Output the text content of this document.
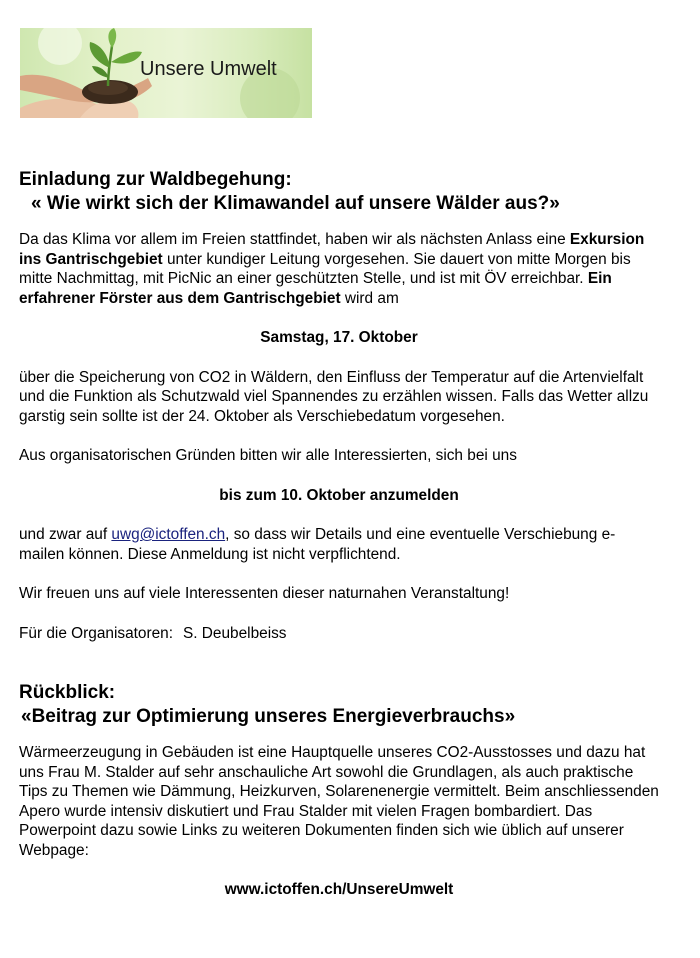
Unsere Umwelt
Einladung zur Waldbegehung:
« Wie wirkt sich der Klimawandel auf unsere Wälder aus?»

Da das Klima vor allem im Freien stattfindet, haben wir als nächsten Anlass eine Exkursion ins Gantrischgebiet unter kundiger Leitung vorgesehen. Sie dauert von mitte Morgen bis mitte Nachmittag, mit PicNic an einer geschützten Stelle, und ist mit ÖV erreichbar. Ein erfahrener Förster aus dem Gantrischgebiet wird am

Samstag, 17. Oktober

über die Speicherung von CO2 in Wäldern, den Einfluss der Temperatur auf die Artenvielfalt und die Funktion als Schutzwald viel Spannendes zu erzählen wissen. Falls das Wetter allzu garstig sein sollte ist der 24. Oktober als Verschiebedatum vorgesehen.

Aus organisatorischen Gründen bitten wir alle Interessierten, sich bei uns

bis zum 10. Oktober anzumelden

und zwar auf uwg@ictoffen.ch, so dass wir Details und eine eventuelle Verschiebung e-mailen können. Diese Anmeldung ist nicht verpflichtend.

Wir freuen uns auf viele Interessenten dieser naturnahen Veranstaltung!

Für die Organisatoren: S. Deubelbeiss

Rückblick:
«Beitrag zur Optimierung unseres Energieverbrauchs»

Wärmeerzeugung in Gebäuden ist eine Hauptquelle unseres CO2-Ausstosses und dazu hat uns Frau M. Stalder auf sehr anschauliche Art sowohl die Grundlagen, als auch praktische Tips zu Themen wie Dämmung, Heizkurven, Solarenenergie vermittelt. Beim anschliessenden Apero wurde intensiv diskutiert und Frau Stalder mit vielen Fragen bombardiert. Das Powerpoint dazu sowie Links zu weiteren Dokumenten finden sich wie üblich auf unserer Webpage:

www.ictoffen.ch/UnsereUmwelt
